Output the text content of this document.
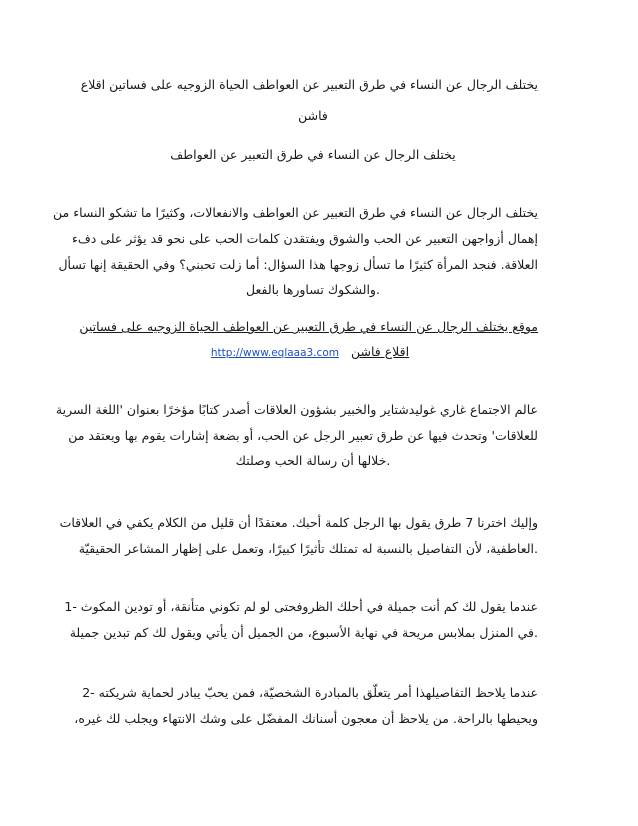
يختلف الرجال عن النساء في طرق التعبير عن العواطف الحياة الزوجيه على فساتين اقلاع
فاشن
يختلف الرجال عن النساء في طرق التعبير عن العواطف
يختلف الرجال عن النساء في طرق التعبير عن العواطف والانفعالات، وكثيرًا ما تشكو النساء من
إهمال أزواجهن التعبير عن الحب والشوق ويفتقدن كلمات الحب على نحو قد يؤثر على دفء
العلاقة. فنجد المرأة كثيرًا ما تسأل زوجها هذا السؤال: أما زلت تحبني؟ وفي الحقيقة إنها تسأل
.والشكوك تساورها بالفعل
موقع يختلف الرجال عن النساء في طرق التعبير عن العواطف الحياة الزوجيه على فساتين
http://www.eqlaaa3.com اقلاع فاشن
عالم الاجتماع غاري غوليدشتاير والخبير بشؤون العلاقات أصدر كتابًا مؤخرًا بعنوان 'اللغة السرية
للعلاقات' وتحدث فيها عن طرق تعبير الرجل عن الحب، أو بضعة إشارات يقوم بها ويعتقد من
.خلالها أن رسالة الحب وصلتك
وإليك اخترنا 7 طرق يقول بها الرجل كلمة أحبك. معتقدًا أن قليل من الكلام يكفي في العلاقات
.العاطفية، لأن التفاصيل بالنسبة له تمتلك تأثيرًا كبيرًا، وتعمل على إظهار المشاعر الحقيقيّة
عندما يقول لك كم أنت جميلة في أحلك الظروفحتى لو لم تكوني متأنقة، أو تودين المكوث -1
.في المنزل بملابس مريحة في نهاية الأسبوع، من الجميل أن يأتي ويقول لك كم تبدين جميلة
عندما يلاحظ التفاصيلهذا أمر يتعلّق بالمبادرة الشخصيّة، فمن يحبّ يبادر لحماية شريكته -2
ويحيطها بالراحة. من يلاحظ أن معجون أسنانك المفضّل على وشك الانتهاء ويجلب لك غيره،
